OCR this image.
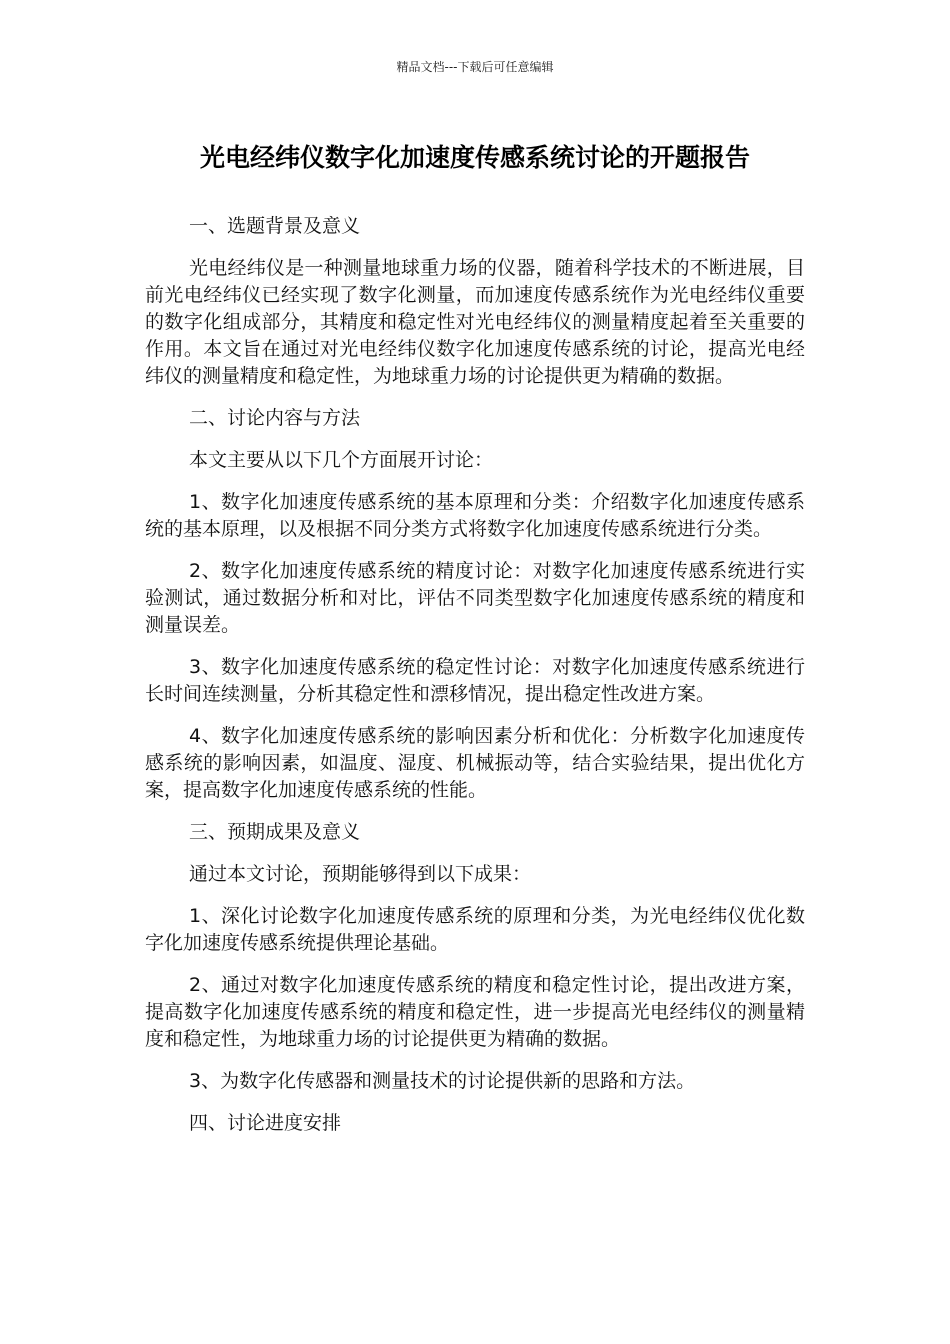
精品文档---下载后可任意编辑
光电经纬仪数字化加速度传感系统讨论的开题报告
一、选题背景及意义
光电经纬仪是一种测量地球重力场的仪器，随着科学技术的不断进展，目前光电经纬仪已经实现了数字化测量，而加速度传感系统作为光电经纬仪重要的数字化组成部分，其精度和稳定性对光电经纬仪的测量精度起着至关重要的作用。本文旨在通过对光电经纬仪数字化加速度传感系统的讨论，提高光电经纬仪的测量精度和稳定性，为地球重力场的讨论提供更为精确的数据。
二、讨论内容与方法
本文主要从以下几个方面展开讨论：
1、数字化加速度传感系统的基本原理和分类：介绍数字化加速度传感系统的基本原理，以及根据不同分类方式将数字化加速度传感系统进行分类。
2、数字化加速度传感系统的精度讨论：对数字化加速度传感系统进行实验测试，通过数据分析和对比，评估不同类型数字化加速度传感系统的精度和测量误差。
3、数字化加速度传感系统的稳定性讨论：对数字化加速度传感系统进行长时间连续测量，分析其稳定性和漂移情况，提出稳定性改进方案。
4、数字化加速度传感系统的影响因素分析和优化：分析数字化加速度传感系统的影响因素，如温度、湿度、机械振动等，结合实验结果，提出优化方案，提高数字化加速度传感系统的性能。
三、预期成果及意义
通过本文讨论，预期能够得到以下成果：
1、深化讨论数字化加速度传感系统的原理和分类，为光电经纬仪优化数字化加速度传感系统提供理论基础。
2、通过对数字化加速度传感系统的精度和稳定性讨论，提出改进方案，提高数字化加速度传感系统的精度和稳定性，进一步提高光电经纬仪的测量精度和稳定性，为地球重力场的讨论提供更为精确的数据。
3、为数字化传感器和测量技术的讨论提供新的思路和方法。
四、讨论进度安排
